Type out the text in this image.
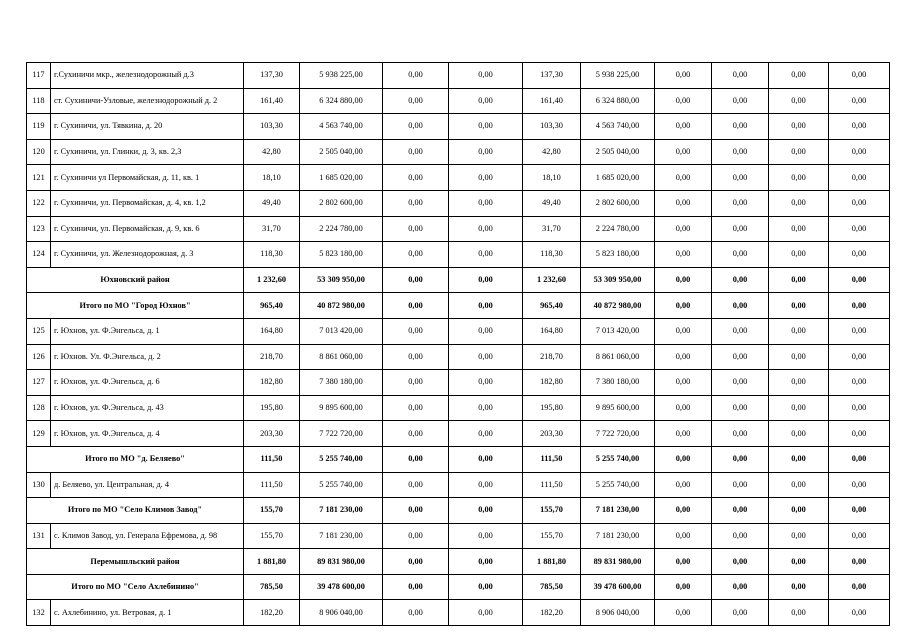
117	г.Сухиничи мкр., железнодорожный д.3	137,30	5 938 225,00	0,00	0,00	137,30	5 938 225,00	0,00	0,00	0,00	0,00
118	ст. Сухиничи-Узловые, железнодорожный д. 2	161,40	6 324 880,00	0,00	0,00	161,40	6 324 880,00	0,00	0,00	0,00	0,00
119	г. Сухиничи, ул. Тявкина, д. 20	103,30	4 563 740,00	0,00	0,00	103,30	4 563 740,00	0,00	0,00	0,00	0,00
120	г. Сухиничи, ул. Глинки, д. 3, кв. 2,3	42,80	2 505 040,00	0,00	0,00	42,80	2 505 040,00	0,00	0,00	0,00	0,00
121	г. Сухиничи ул Первомайская, д. 11, кв. 1	18,10	1 685 020,00	0,00	0,00	18,10	1 685 020,00	0,00	0,00	0,00	0,00
122	г. Сухиничи, ул. Первомайская, д. 4, кв. 1,2	49,40	2 802 600,00	0,00	0,00	49,40	2 802 600,00	0,00	0,00	0,00	0,00
123	г. Сухиничи, ул. Первомайская, д. 9, кв. 6	31,70	2 224 780,00	0,00	0,00	31,70	2 224 780,00	0,00	0,00	0,00	0,00
124	г. Сухиничи, ул. Железнодорожная, д. 3	118,30	5 823 180,00	0,00	0,00	118,30	5 823 180,00	0,00	0,00	0,00	0,00
Юхновский район		1 232,60	53 309 950,00	0,00	0,00	1 232,60	53 309 950,00	0,00	0,00	0,00	0,00
Итого по МО "Город Юхнов"		965,40	40 872 980,00	0,00	0,00	965,40	40 872 980,00	0,00	0,00	0,00	0,00
125	г. Юхнов, ул. Ф.Энгельса, д. 1	164,80	7 013 420,00	0,00	0,00	164,80	7 013 420,00	0,00	0,00	0,00	0,00
126	г. Юхнов. Ул. Ф.Энгельса, д. 2	218,70	8 861 060,00	0,00	0,00	218,70	8 861 060,00	0,00	0,00	0,00	0,00
127	г. Юхнов, ул. Ф.Энгельса, д. 6	182,80	7 380 180,00	0,00	0,00	182,80	7 380 180,00	0,00	0,00	0,00	0,00
128	г. Юхнов, ул. Ф.Энгельса, д. 43	195,80	9 895 600,00	0,00	0,00	195,80	9 895 600,00	0,00	0,00	0,00	0,00
129	г. Юхнов, ул. Ф.Энгельса, д. 4	203,30	7 722 720,00	0,00	0,00	203,30	7 722 720,00	0,00	0,00	0,00	0,00
Итого по МО "д. Беляево"		111,50	5 255 740,00	0,00	0,00	111,50	5 255 740,00	0,00	0,00	0,00	0,00
130	д. Беляево, ул. Центральная, д. 4	111,50	5 255 740,00	0,00	0,00	111,50	5 255 740,00	0,00	0,00	0,00	0,00
Итого по МО "Село Климов Завод"		155,70	7 181 230,00	0,00	0,00	155,70	7 181 230,00	0,00	0,00	0,00	0,00
131	с. Климов Завод, ул. Генерала Ефремова, д. 98	155,70	7 181 230,00	0,00	0,00	155,70	7 181 230,00	0,00	0,00	0,00	0,00
Перемышльский район		1 881,80	89 831 980,00	0,00	0,00	1 881,80	89 831 980,00	0,00	0,00	0,00	0,00
Итого по МО "Село Ахлебинино"		785,50	39 478 600,00	0,00	0,00	785,50	39 478 600,00	0,00	0,00	0,00	0,00
132	с. Ахлебинино, ул. Ветровая, д. 1	182,20	8 906 040,00	0,00	0,00	182,20	8 906 040,00	0,00	0,00	0,00	0,00
